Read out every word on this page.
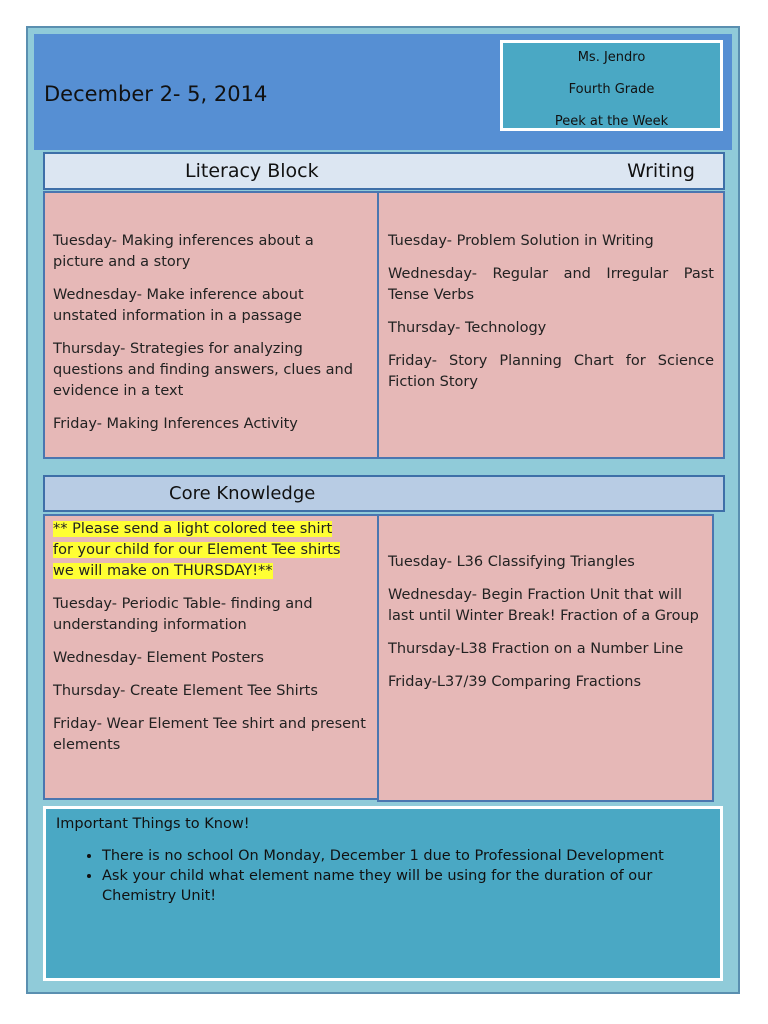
December 2- 5, 2014
Ms. Jendro
Fourth Grade
Peek at the Week
Literacy Block	Writing

Tuesday- Making inferences about a picture and a story

Wednesday- Make inference about unstated information in a passage

Thursday- Strategies for analyzing questions and finding answers, clues and evidence in a text

Friday- Making Inferences Activity

Tuesday- Problem Solution in Writing

Wednesday- Regular and Irregular Past Tense Verbs

Thursday- Technology

Friday- Story Planning Chart for Science Fiction Story

Core Knowledge
** Please send a light colored tee shirt
for your child for our Element Tee shirts
we will make on THURSDAY!**

Tuesday- Periodic Table- finding and understanding information

Wednesday- Element Posters

Thursday- Create Element Tee Shirts

Friday- Wear Element Tee shirt and present elements

Tuesday- L36 Classifying Triangles

Wednesday- Begin Fraction Unit that will last until Winter Break! Fraction of a Group

Thursday-L38 Fraction on a Number Line

Friday-L37/39 Comparing Fractions

Important Things to Know!
• There is no school On Monday, December 1 due to Professional Development
• Ask your child what element name they will be using for the duration of our Chemistry Unit!
